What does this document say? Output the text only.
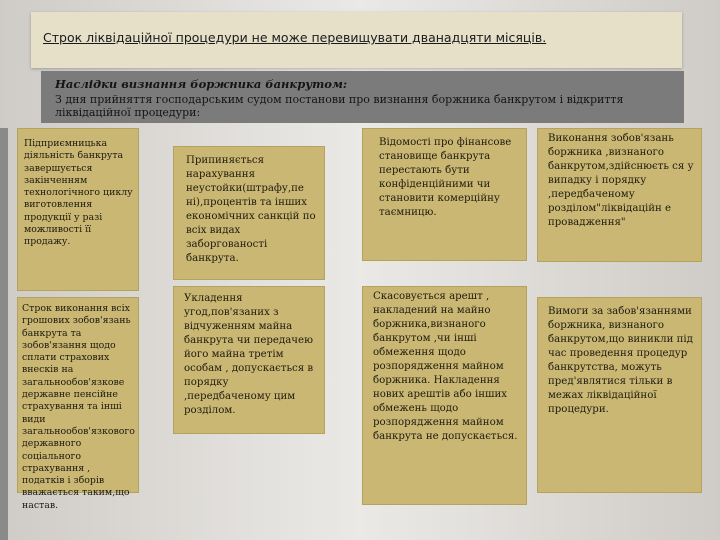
Строк ліквідаційної процедури не може перевищувати дванадцяти місяців.
Наслідки визнання боржника банкрутом:
З дня прийняття господарським судом постанови про визнання боржника банкрутом і відкриття ліквідаційної процедури:
Підприємницька діяльність банкрута завершується закінченням технологічного циклу виготовлення продукції у разі можливості її продажу.
Строк виконання всіх грошових зобов'язань банкрута та зобов'язання щодо сплати страхових внесків на загальнообов'язкове державне пенсійне страхування та інші види загальнообов'язкового державного соціального страхування , податків і зборів вважається таким,що настав.
Припиняється нарахування неустойки(штрафу,пе ні),процентів та інших економічних санкцій по всіх видах заборгованості банкрута.
Укладення угод,пов'язаних з відчуженням майна банкрута чи передачею його майна третім особам , допускається в порядку ,передбаченому цим розділом.
Відомості про фінансове становище банкрута перестають бути конфіденційними чи становити комерційну таємницю.
Скасовується арешт , накладений на майно боржника,визнаного банкрутом ,чи інші обмеження щодо розпорядження майном боржника. Накладення нових арештів або інших обмежень щодо розпорядження майном банкрута не допускається.
Виконання зобов'язань боржника ,визнаного банкрутом,здійснюєть ся у випадку і порядку ,передбаченому розділом"ліквідаційн е провадження"
Вимоги за забов'язаннями боржника, визнаного банкрутом,що виникли під час проведення процедур банкрутства, можуть пред'являтися тільки в межах ліквідаційної процедури.
